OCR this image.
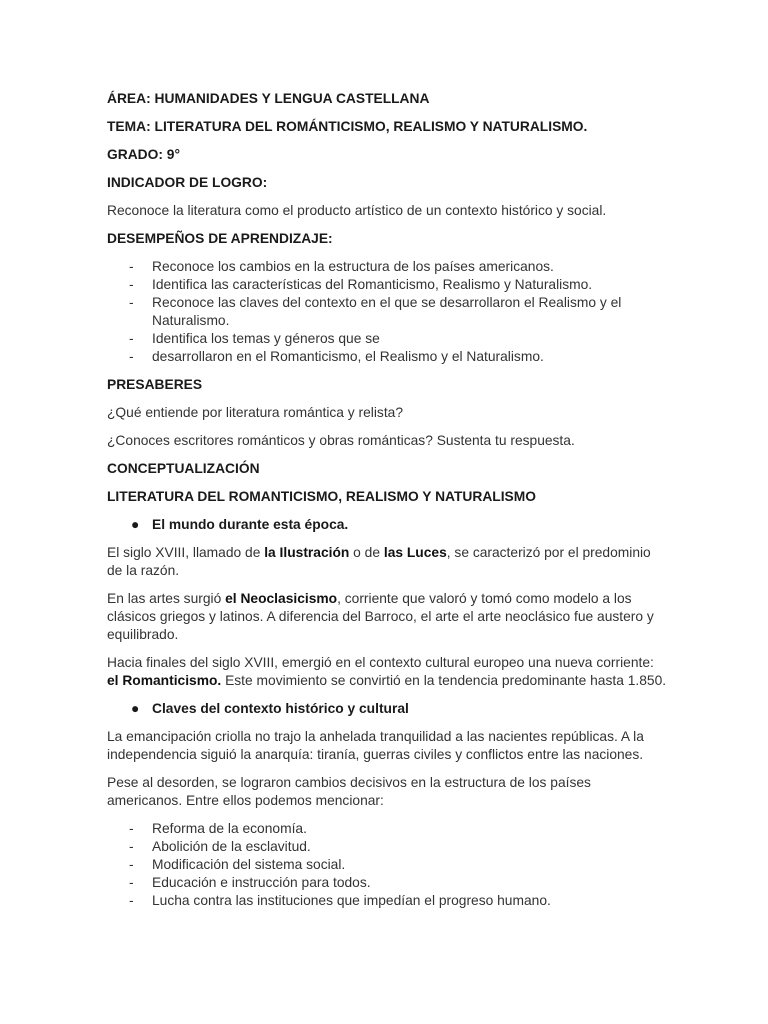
ÁREA: HUMANIDADES Y LENGUA CASTELLANA
TEMA: LITERATURA DEL ROMÁNTICISMO, REALISMO Y NATURALISMO.
GRADO: 9°
INDICADOR DE LOGRO:
Reconoce la literatura como el producto artístico de un contexto histórico y social.
DESEMPEÑOS DE APRENDIZAJE:
- Reconoce los cambios en la estructura de los países americanos.
- Identifica las características del Romanticismo, Realismo y Naturalismo.
- Reconoce las claves del contexto en el que se desarrollaron el Realismo y el Naturalismo.
- Identifica los temas y géneros que se
- desarrollaron en el Romanticismo, el Realismo y el Naturalismo.
PRESABERES
¿Qué entiende por literatura romántica y relista?
¿Conoces escritores románticos y obras románticas? Sustenta tu respuesta.
CONCEPTUALIZACIÓN
LITERATURA DEL ROMANTICISMO, REALISMO Y NATURALISMO
● El mundo durante esta época.
El siglo XVIII, llamado de la Ilustración o de las Luces, se caracterizó por el predominio de la razón.
En las artes surgió el Neoclasicismo, corriente que valoró y tomó como modelo a los clásicos griegos y latinos. A diferencia del Barroco, el arte el arte neoclásico fue austero y equilibrado.
Hacia finales del siglo XVIII, emergió en el contexto cultural europeo una nueva corriente: el Romanticismo. Este movimiento se convirtió en la tendencia predominante hasta 1.850.
● Claves del contexto histórico y cultural
La emancipación criolla no trajo la anhelada tranquilidad a las nacientes repúblicas. A la independencia siguió la anarquía: tiranía, guerras civiles y conflictos entre las naciones.
Pese al desorden, se lograron cambios decisivos en la estructura de los países americanos. Entre ellos podemos mencionar:
- Reforma de la economía.
- Abolición de la esclavitud.
- Modificación del sistema social.
- Educación e instrucción para todos.
- Lucha contra las instituciones que impedían el progreso humano.
